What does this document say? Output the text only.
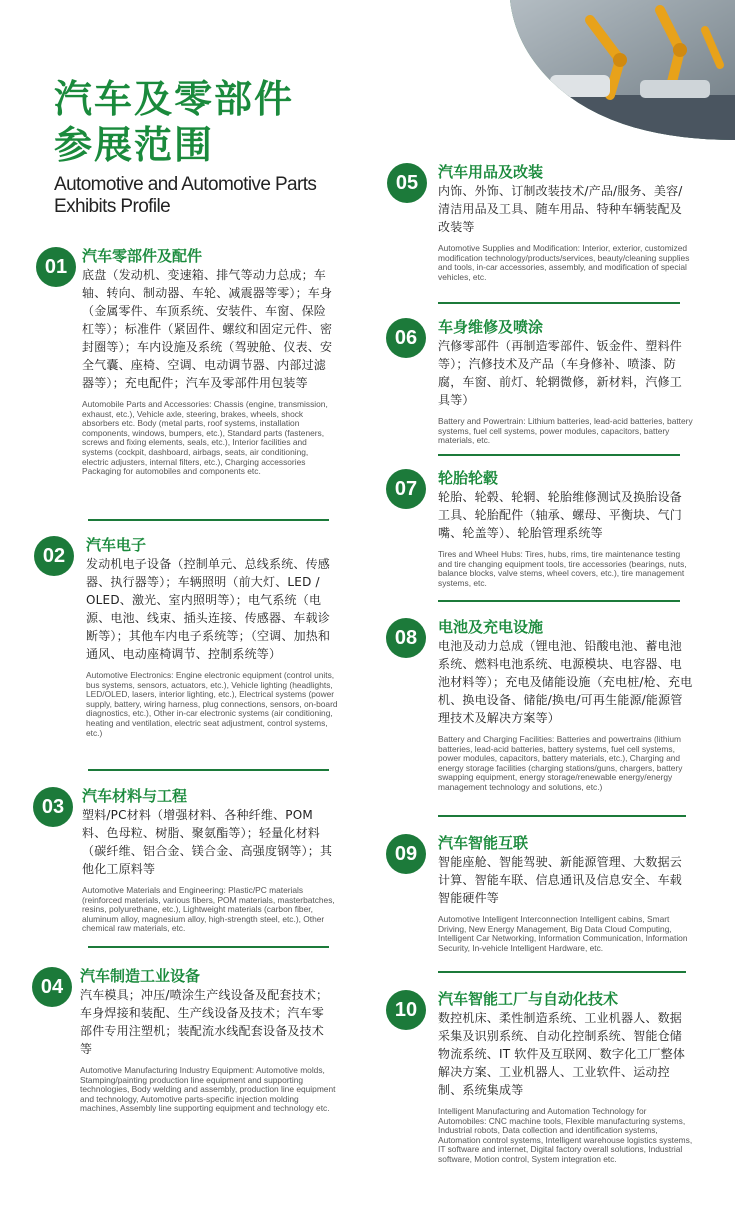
汽车及零部件

参展范围

Automotive and Automotive Parts

Exhibits Profile

01 汽车零部件及配件

底盘（发动机、变速箱、排气等动力总成；车轴、转向、制动器、车轮、减震器等零）；车身（金属零件、车顶系统、安装件、车窗、保险杠等）；标准件（紧固件、螺纹和固定元件、密封圈等）；车内设施及系统（驾驶舱、仪表、安全气囊、座椅、空调、电动调节器、内部过滤器等）；充电配件；汽车及零部件用包装等

Automobile Parts and Accessories: Chassis (engine, transmission, exhaust, etc.), Vehicle axle, steering, brakes, wheels, shock absorbers etc. Body (metal parts, roof systems, installation components, windows, bumpers, etc.), Standard parts (fasteners, screws and fixing elements, seals, etc.), Interior facilities and systems (cockpit, dashboard, airbags, seats, air conditioning, electric adjusters, internal filters, etc.), Charging accessories Packaging for automobiles and components etc.

02	汽车电子

发动机电子设备（控制单元、总线系统、传感器、执行器等）；车辆照明（前大灯、LED / OLED、激光、室内照明等）；电气系统（电源、电池、线束、插头连接、传感器、车载诊断等）；其他车内电子系统等；（空调、加热和通风、电动座椅调节、控制系统等）

Automotive Electronics: Engine electronic equipment (control units, bus systems, sensors, actuators, etc.), Vehicle lighting (headlights, LED/OLED, lasers, interior lighting, etc.), Electrical systems (power supply, battery, wiring harness, plug connections, sensors, on-board diagnostics, etc.), Other in-car electronic systems (air conditioning, heating and ventilation, electric seat adjustment, control systems, etc.)

03	汽车材料与工程

塑料/PC材料（增强材料、各种纤维、POM料、色母粒、树脂、聚氨酯等）；轻量化材料（碳纤维、铝合金、镁合金、高强度钢等）；其他化工原料等

Automotive Materials and Engineering: Plastic/PC materials (reinforced materials, various fibers, POM materials, masterbatches, resins, polyurethane, etc.), Lightweight materials (carbon fiber, aluminum alloy, magnesium alloy, high-strength steel, etc.), Other chemical raw materials, etc.

04	汽车制造工业设备

汽车模具；冲压/喷涂生产线设备及配套技术；车身焊接和装配、生产线设备及技术；汽车零部件专用注塑机；装配流水线配套设备及技术等

Automotive Manufacturing Industry Equipment: Automotive molds, Stamping/painting production line equipment and supporting technologies, Body welding and assembly, production line equipment and technology, Automotive parts-specific injection molding machines, Assembly line supporting equipment and technology etc.

05	汽车用品及改装

内饰、外饰、订制改装技术/产品/服务、美容/清洁用品及工具、随车用品、特种车辆装配及改装等

Automotive Supplies and Modification: Interior, exterior, customized modification technology/products/services, beauty/cleaning supplies and tools, in-car accessories, assembly, and modification of special vehicles, etc.

06	车身维修及喷涂

汽修零部件（再制造零部件、钣金件、塑料件等）；汽修技术及产品（车身修补、喷漆、防腐，车窗、前灯、轮辋微修，新材料，汽修工具等）

Battery and Powertrain: Lithium batteries, lead-acid batteries, battery systems, fuel cell systems, power modules, capacitors, battery materials, etc.

07	轮胎轮毂

轮胎、轮毂、轮辋、轮胎维修测试及换胎设备工具、轮胎配件（轴承、螺母、平衡块、气门嘴、轮盖等）、轮胎管理系统等

Tires and Wheel Hubs: Tires, hubs, rims, tire maintenance testing and tire changing equipment tools, tire accessories (bearings, nuts, balance blocks, valve stems, wheel covers, etc.), tire management systems, etc.

08	电池及充电设施

电池及动力总成（锂电池、铅酸电池、蓄电池系统、燃料电池系统、电源模块、电容器、电池材料等）；充电及储能设施（充电桩/枪、充电机、换电设备、储能/换电/可再生能源/能源管理技术及解决方案等）

Battery and Charging Facilities: Batteries and powertrains (lithium batteries, lead-acid batteries, battery systems, fuel cell systems, power modules, capacitors, battery materials, etc.), Charging and energy storage facilities (charging stations/guns, chargers, battery swapping equipment, energy storage/renewable energy/energy management technology and solutions, etc.)

09	汽车智能互联

智能座舱、智能驾驶、新能源管理、大数据云计算、智能车联、信息通讯及信息安全、车载智能硬件等

Automotive Intelligent Interconnection Intelligent cabins, Smart Driving, New Energy Management, Big Data Cloud Computing, Intelligent Car Networking, Information Communication, Information Security, In-vehicle Intelligent Hardware, etc.

10	汽车智能工厂与自动化技术

数控机床、柔性制造系统、工业机器人、数据采集及识别系统、自动化控制系统、智能仓储物流系统、IT 软件及互联网、数字化工厂整体解决方案、工业机器人、工业软件、运动控制、系统集成等

Intelligent Manufacturing and Automation Technology for Automobiles: CNC machine tools, Flexible manufacturing systems, Industrial robots, Data collection and identification systems, Automation control systems, Intelligent warehouse logistics systems, IT software and internet, Digital factory overall solutions, Industrial software, Motion control, System integration etc.
